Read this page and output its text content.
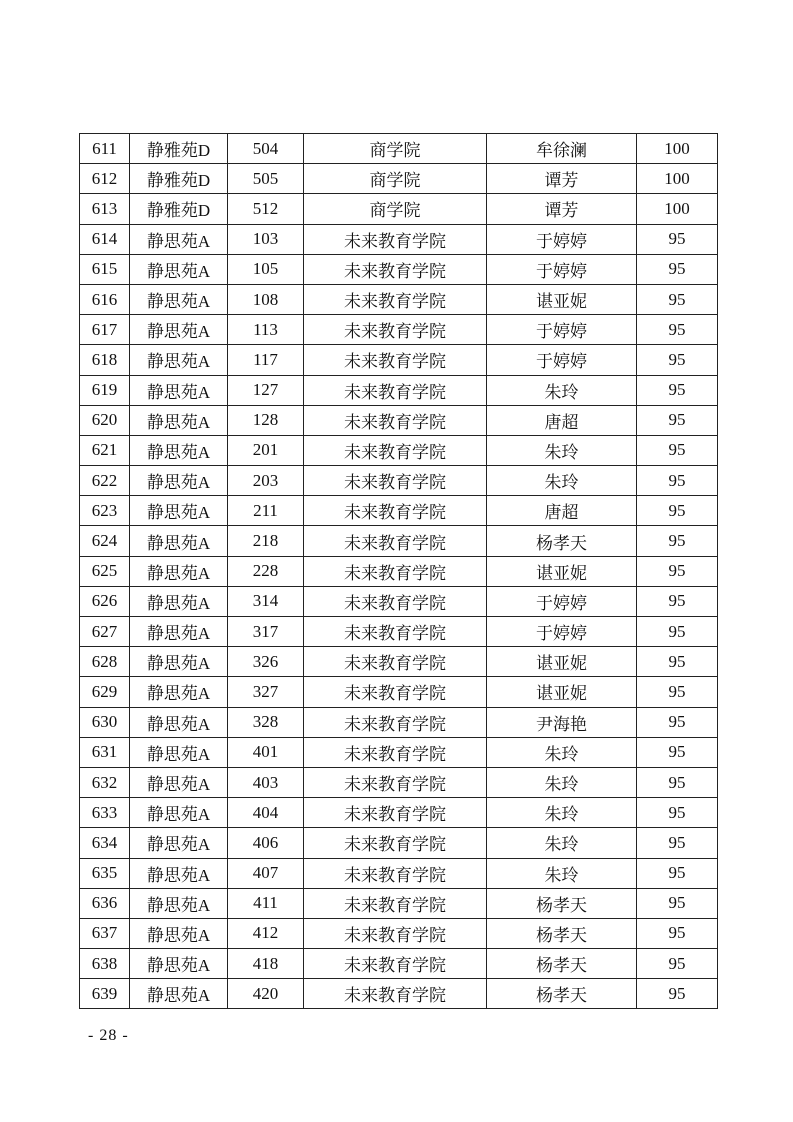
611	静雅苑D	504	商学院	牟徐澜	100
612	静雅苑D	505	商学院	谭芳	100
613	静雅苑D	512	商学院	谭芳	100
614	静思苑A	103	未来教育学院	于婷婷	95
615	静思苑A	105	未来教育学院	于婷婷	95
616	静思苑A	108	未来教育学院	谌亚妮	95
617	静思苑A	113	未来教育学院	于婷婷	95
618	静思苑A	117	未来教育学院	于婷婷	95
619	静思苑A	127	未来教育学院	朱玲	95
620	静思苑A	128	未来教育学院	唐超	95
621	静思苑A	201	未来教育学院	朱玲	95
622	静思苑A	203	未来教育学院	朱玲	95
623	静思苑A	211	未来教育学院	唐超	95
624	静思苑A	218	未来教育学院	杨孝天	95
625	静思苑A	228	未来教育学院	谌亚妮	95
626	静思苑A	314	未来教育学院	于婷婷	95
627	静思苑A	317	未来教育学院	于婷婷	95
628	静思苑A	326	未来教育学院	谌亚妮	95
629	静思苑A	327	未来教育学院	谌亚妮	95
630	静思苑A	328	未来教育学院	尹海艳	95
631	静思苑A	401	未来教育学院	朱玲	95
632	静思苑A	403	未来教育学院	朱玲	95
633	静思苑A	404	未来教育学院	朱玲	95
634	静思苑A	406	未来教育学院	朱玲	95
635	静思苑A	407	未来教育学院	朱玲	95
636	静思苑A	411	未来教育学院	杨孝天	95
637	静思苑A	412	未来教育学院	杨孝天	95
638	静思苑A	418	未来教育学院	杨孝天	95
639	静思苑A	420	未来教育学院	杨孝天	95
- 28 -
